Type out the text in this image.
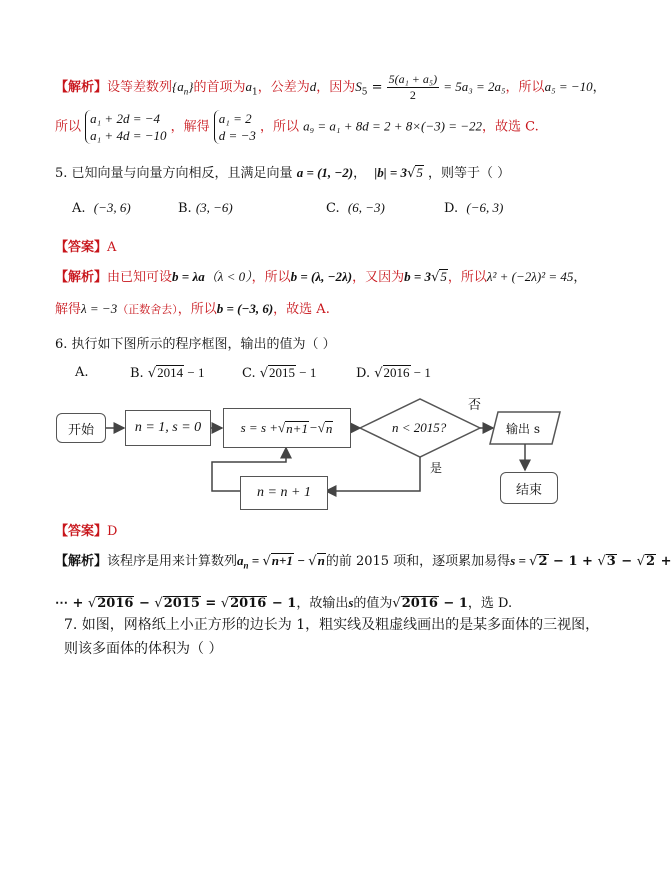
【解析】设等差数列$\{a_n\}$的首项为$a_1$，公差为d，因为$S_5 = \frac{\text{5(a₁ + a₅)}}{2} = 5a_3 = 2a_5$，所以a₅ = −10，
所以 a₁ + 2d = −4
a₁ + 4d = −10 ，解得 a₁ = 2
d = −3 ，所以 a₉ = a₁ + 8d = 2 + 8×(−3) = −22，故选 C.
5. 已知向量与向量方向相反，且满足向量 a = (1, −2)， |b| = 3√5 ，则等于（ ）
A. (−3, 6)	B. (3, −6)	C. (6, −3)	D. (−6, 3)
【答案】A
【解析】由已知可设b = λa（λ < 0），所以b = (λ, −2λ)，又因为b = 3√5，所以λ² + (−2λ)² = 45，
解得λ = −3（正数舍去），所以b = (−3, 6)，故选 A.
6. 执行如下图所示的程序框图，输出的值为（ ）
A.	B. √2014 − 1	C. √2015 − 1	D. √2016 − 1
开始	n = 1, s = 0	s = s + √ n+1 − √ n	n < 2015?
否
是
输出 s
结束
n = n + 1
【答案】D
【解析】该程序是用来计算数列$a_n = √n+1 - √n$的前 2015 项和，逐项累加易得s = √2 − 1 + √3 − √2 +
⋯ + √2016 − √2015 = √2016 − 1，故输出s的值为√2016 − 1，选 D.
7. 如图，网格纸上小正方形的边长为 1，粗实线及粗虚线画出的是某多面体的三视图，
则该多面体的体积为（ ）
